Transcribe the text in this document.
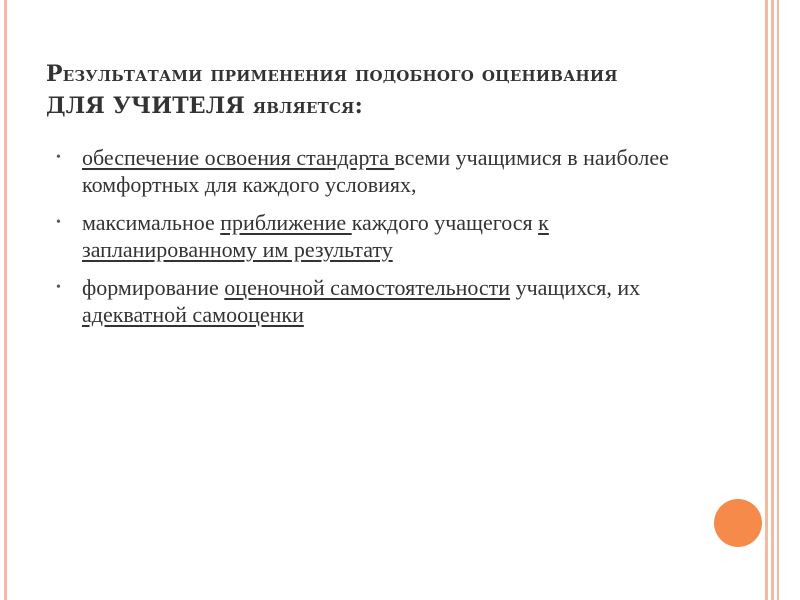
Результатами применения подобного оценивания
ДЛЯ УЧИТЕЛЯ является:
• обеспечение освоения стандарта всеми учащимися в наиболее комфортных для каждого условиях,
• максимальное приближение каждого учащегося к запланированному им результату
• формирование оценочной самостоятельности учащихся, их адекватной самооценки
